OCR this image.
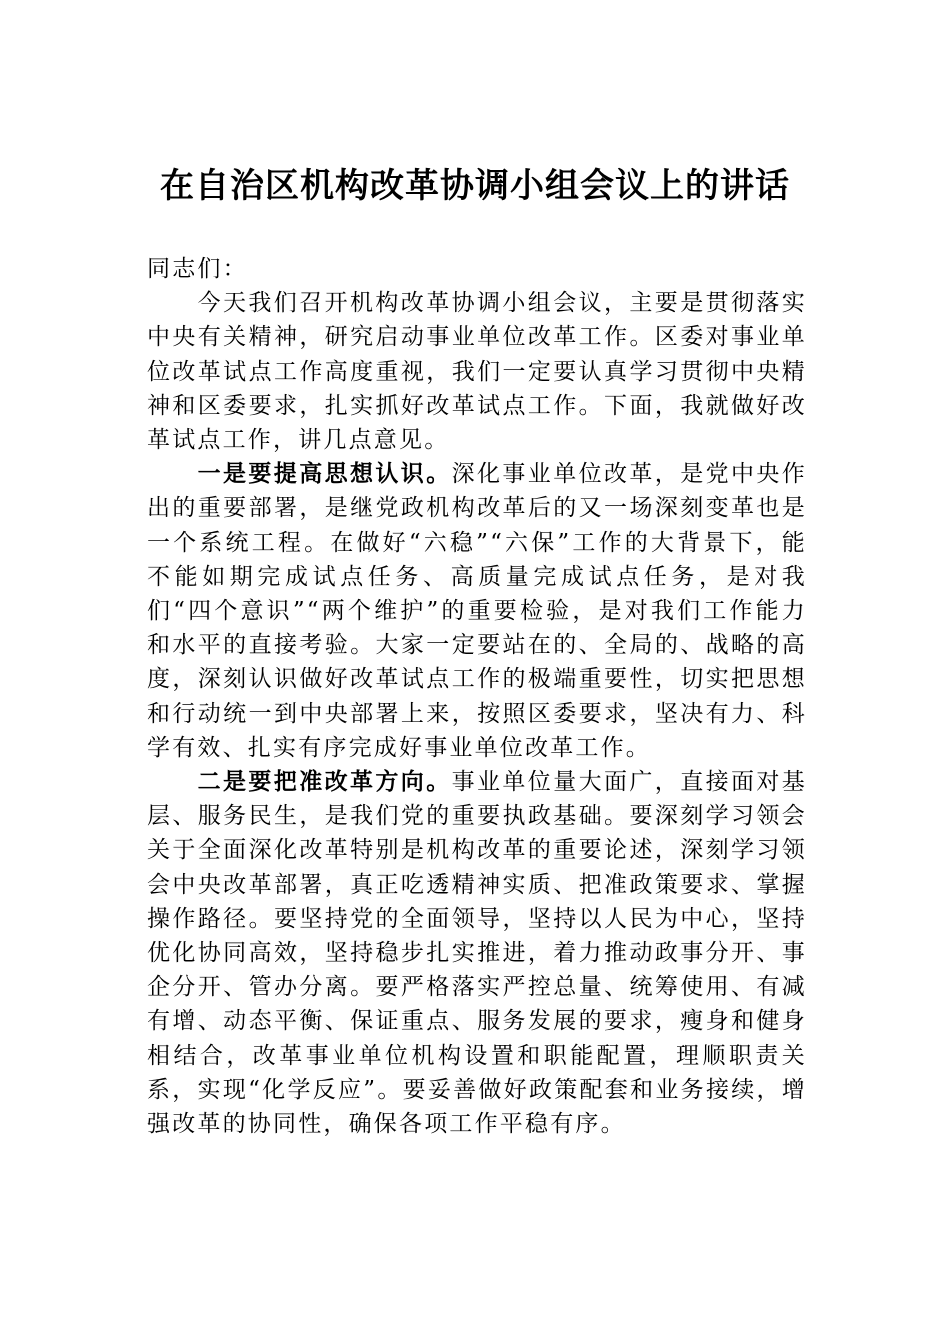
在自治区机构改革协调小组会议上的讲话

同志们：

今天我们召开机构改革协调小组会议，主要是贯彻落实中央有关精神，研究启动事业单位改革工作。区委对事业单位改革试点工作高度重视，我们一定要认真学习贯彻中央精神和区委要求，扎实抓好改革试点工作。下面，我就做好改革试点工作，讲几点意见。

一是要提高思想认识。深化事业单位改革，是党中央作出的重要部署，是继党政机构改革后的又一场深刻变革也是一个系统工程。在做好“六稳”“六保”工作的大背景下，能不能如期完成试点任务、高质量完成试点任务，是对我们“四个意识”“两个维护”的重要检验，是对我们工作能力和水平的直接考验。大家一定要站在的、全局的、战略的高度，深刻认识做好改革试点工作的极端重要性，切实把思想和行动统一到中央部署上来，按照区委要求，坚决有力、科学有效、扎实有序完成好事业单位改革工作。

二是要把准改革方向。事业单位量大面广，直接面对基层、服务民生，是我们党的重要执政基础。要深刻学习领会关于全面深化改革特别是机构改革的重要论述，深刻学习领会中央改革部署，真正吃透精神实质、把准政策要求、掌握操作路径。要坚持党的全面领导，坚持以人民为中心，坚持优化协同高效，坚持稳步扎实推进，着力推动政事分开、事企分开、管办分离。要严格落实严控总量、统筹使用、有减有增、动态平衡、保证重点、服务发展的要求，瘦身和健身相结合，改革事业单位机构设置和职能配置，理顺职责关系，实现“化学反应”。要妥善做好政策配套和业务接续，增强改革的协同性，确保各项工作平稳有序。
